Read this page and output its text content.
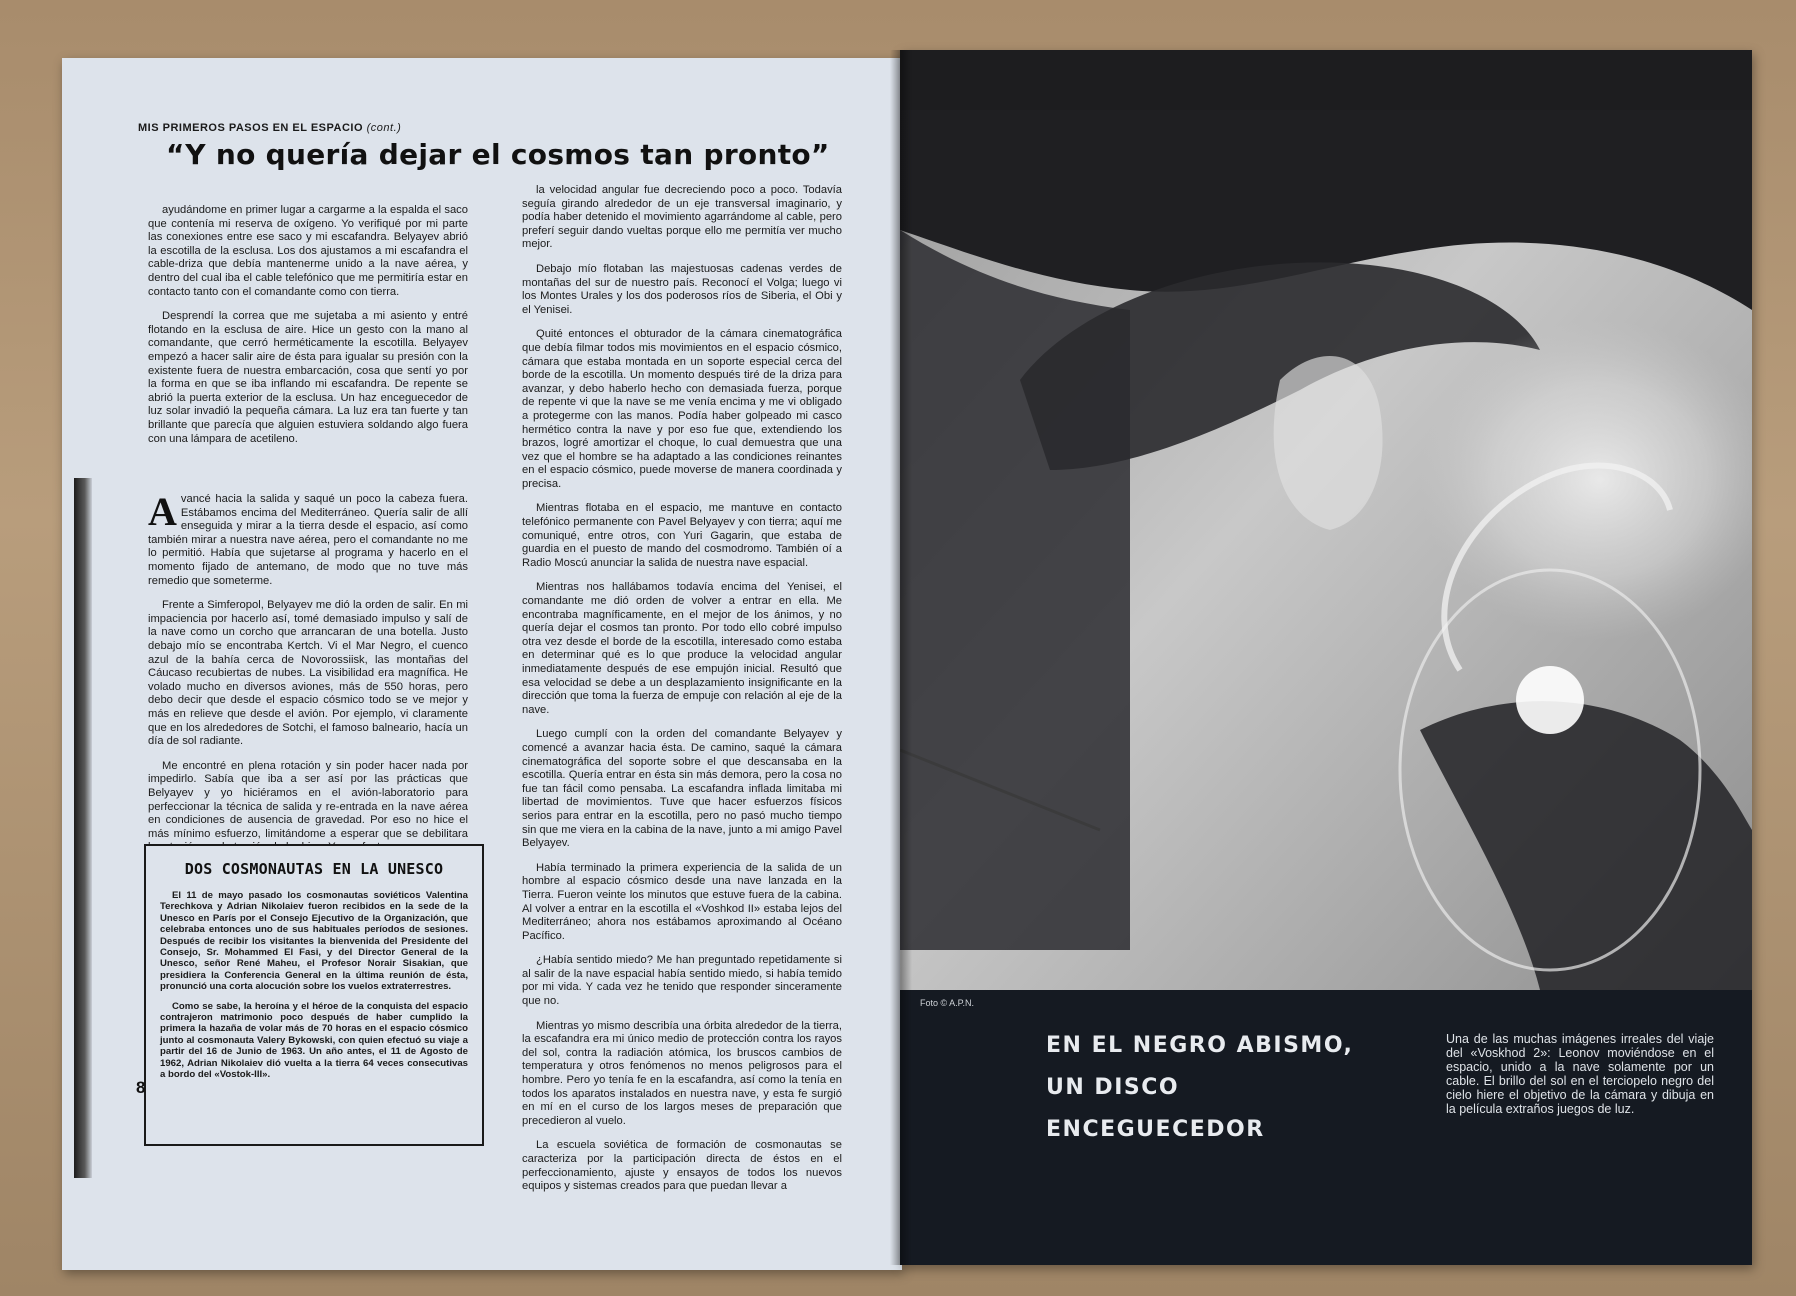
MIS PRIMEROS PASOS EN EL ESPACIO (cont.)
“Y no quería dejar el cosmos tan pronto”

ayudándome en primer lugar a cargarme a la espalda el saco que contenía mi reserva de oxígeno. Yo verifiqué por mi parte las conexiones entre ese saco y mi escafandra. Belyayev abrió la escotilla de la esclusa. Los dos ajustamos a mi escafandra el cable-driza que debía mantenerme unido a la nave aérea, y dentro del cual iba el cable telefónico que me permitiría estar en contacto tanto con el comandante como con tierra.

Desprendí la correa que me sujetaba a mi asiento y entré flotando en la esclusa de aire. Hice un gesto con la mano al comandante, que cerró herméticamente la escotilla. Belyayev empezó a hacer salir aire de ésta para igualar su presión con la existente fuera de nuestra embarcación, cosa que sentí yo por la forma en que se iba inflando mi escafandra. De repente se abrió la puerta exterior de la esclusa. Un haz enceguecedor de luz solar invadió la pequeña cámara. La luz era tan fuerte y tan brillante que parecía que alguien estuviera soldando algo fuera con una lámpara de acetileno.

Avancé hacia la salida y saqué un poco la cabeza fuera. Estábamos encima del Mediterráneo. Quería salir de allí enseguida y mirar a la tierra desde el espacio, así como también mirar a nuestra nave aérea, pero el comandante no me lo permitió. Había que sujetarse al programa y hacerlo en el momento fijado de antemano, de modo que no tuve más remedio que someterme.

Frente a Simferopol, Belyayev me dió la orden de salir. En mi impaciencia por hacerlo así, tomé demasiado impulso y salí de la nave como un corcho que arrancaran de una botella. Justo debajo mío se encontraba Kertch. Vi el Mar Negro, el cuenco azul de la bahía cerca de Novorossiisk, las montañas del Cáucaso recubiertas de nubes. La visibilidad era magnífica. He volado mucho en diversos aviones, más de 550 horas, pero debo decir que desde el espacio cósmico todo se ve mejor y más en relieve que desde el avión. Por ejemplo, vi claramente que en los alrededores de Sotchi, el famoso balneario, hacía un día de sol radiante.

Me encontré en plena rotación y sin poder hacer nada por impedirlo. Sabía que iba a ser así por las prácticas que Belyayev y yo hiciéramos en el avión-laboratorio para perfeccionar la técnica de salida y re-entrada en la nave aérea en condiciones de ausencia de gravedad. Por eso no hice el más mínimo esfuerzo, limitándome a esperar que se debilitara

la velocidad angular fue decreciendo poco a poco. Todavía seguía girando alrededor de un eje transversal imaginario, y podía haber detenido el movimiento agarrándome al cable, pero preferí seguir dando vueltas porque ello me permitía ver mucho mejor.

Debajo mío flotaban las majestuosas cadenas verdes de montañas del sur de nuestro país. Reconocí el Volga; luego vi los Montes Urales y los dos poderosos ríos de Siberia, el Obi y el Yenisei.

Quité entonces el obturador de la cámara cinematográfica que debía filmar todos mis movimientos en el espacio cósmico, cámara que estaba montada en un soporte especial cerca del borde de la escotilla. Un momento después tiré de la driza para avanzar, y debo haberlo hecho con demasiada fuerza, porque de repente vi que la nave se me venía encima y me vi obligado a protegerme con las manos. Podía haber golpeado mi casco hermético contra la nave y por eso fue que, extendiendo los brazos, logré amortizar el choque, lo cual demuestra que una vez que el hombre se ha adaptado a las condiciones reinantes en el espacio cósmico, puede moverse de manera coordinada y precisa.

Mientras flotaba en el espacio, me mantuve en contacto telefónico permanente con Pavel Belyayev y con tierra; aquí me comuniqué, entre otros, con Yuri Gagarin, que estaba de guardia en el puesto de mando del cosmodromo. También oí a Radio Moscú anunciar la salida de nuestra nave espacial.

Mientras nos hallábamos todavía encima del Yenisei, el comandante me dió orden de volver a entrar en ella. Me encontraba magníficamente, en el mejor de los ánimos, y no quería dejar el cosmos tan pronto. Por todo ello cobré impulso otra vez desde el borde de la escotilla, interesado como estaba en determinar qué es lo que produce la velocidad angular inmediatamente después de ese empujón inicial. Resultó que esa velocidad se debe a un desplazamiento insignificante en la dirección que toma la fuerza de empuje con relación al eje de la nave.

Luego cumplí con la orden del comandante Belyayev y comencé a avanzar hacia ésta. De camino, saqué la cámara cinematográfica del soporte sobre el que descansaba en la escotilla. Quería entrar en ésta sin más demora, pero la cosa no fue tan fácil como pensaba. La escafandra inflada limitaba mi libertad de movimientos. Tuve que hacer esfuerzos físicos serios para entrar en la escotilla, pero no pasó mucho tiempo sin que me viera en la cabina de la nave, junto a mi amigo Pavel Belyayev.

Había terminado la primera experiencia de la salida de un hombre al espacio cósmico desde una nave lanzada en la Tierra. Fueron veinte los minutos que estuve fuera de la cabina. Al volver a entrar en la escotilla el «Voshkod II» estaba lejos del Mediterráneo; ahora nos estábamos aproximando al Océano Pacífico.

¿Había sentido miedo? Me han preguntado repetidamente si al salir de la nave espacial había sentido miedo, si había temido por mi vida. Y cada vez he tenido que responder sinceramente que no.

Mientras yo mismo describía una órbita alrededor de la tierra, la escafandra era mi único medio de protección contra los rayos del sol, contra la radiación atómica, los bruscos cambios de temperatura y otros fenómenos no menos peligrosos para el hombre. Pero yo tenía fe en la escafandra, así como la tenía en todos los aparatos instalados en nuestra nave, y esta fe surgió en mí en el curso de los largos meses de preparación que precedieron al vuelo.

La escuela soviética de formación de cosmonautas se caracteriza por la participación directa de éstos en el perfeccionamiento, ajuste y ensayos de todos los nuevos equipos y sistemas creados para que puedan llevar a

DOS COSMONAUTAS EN LA UNESCO

El 11 de mayo pasado los cosmonautas soviéticos Valentina Terechkova y Adrian Nikolaiev fueron recibidos en la sede de la Unesco en París por el Consejo Ejecutivo de la Organización, que celebraba entonces uno de sus habituales períodos de sesiones. Después de recibir los visitantes la bienvenida del Presidente del Consejo, Sr. Mohammed El Fasi, y del Director General de la Unesco, señor René Maheu, el Profesor Norair Sisakian, que presidiera la Conferencia General en la última reunión de ésta, pronunció una corta alocución sobre los vuelos extraterrestres.

Como se sabe, la heroína y el héroe de la conquista del espacio contrajeron matrimonio poco después de haber cumplido la primera la hazaña de volar más de 70 horas en el espacio cósmico junto al cosmonauta Valery Bykowski, con quien efectuó su viaje a partir del 16 de Junio de 1963. Un año antes, el 11 de Agosto de 1962, Adrian Nikolaiev dió vuelta a la tierra 64 veces consecutivas a bordo del «Vostok-III».

8
Foto © A.P.N.
EN EL NEGRO ABISMO,
UN DISCO
ENCEGUECEDOR
Una de las muchas imágenes irreales del viaje del «Voskhod 2»: Leonov moviéndose en el espacio, unido a la nave solamente por un cable. El brillo del sol en el terciopelo negro del cielo hiere el objetivo de la cámara y dibuja en la película extraños juegos de luz.
